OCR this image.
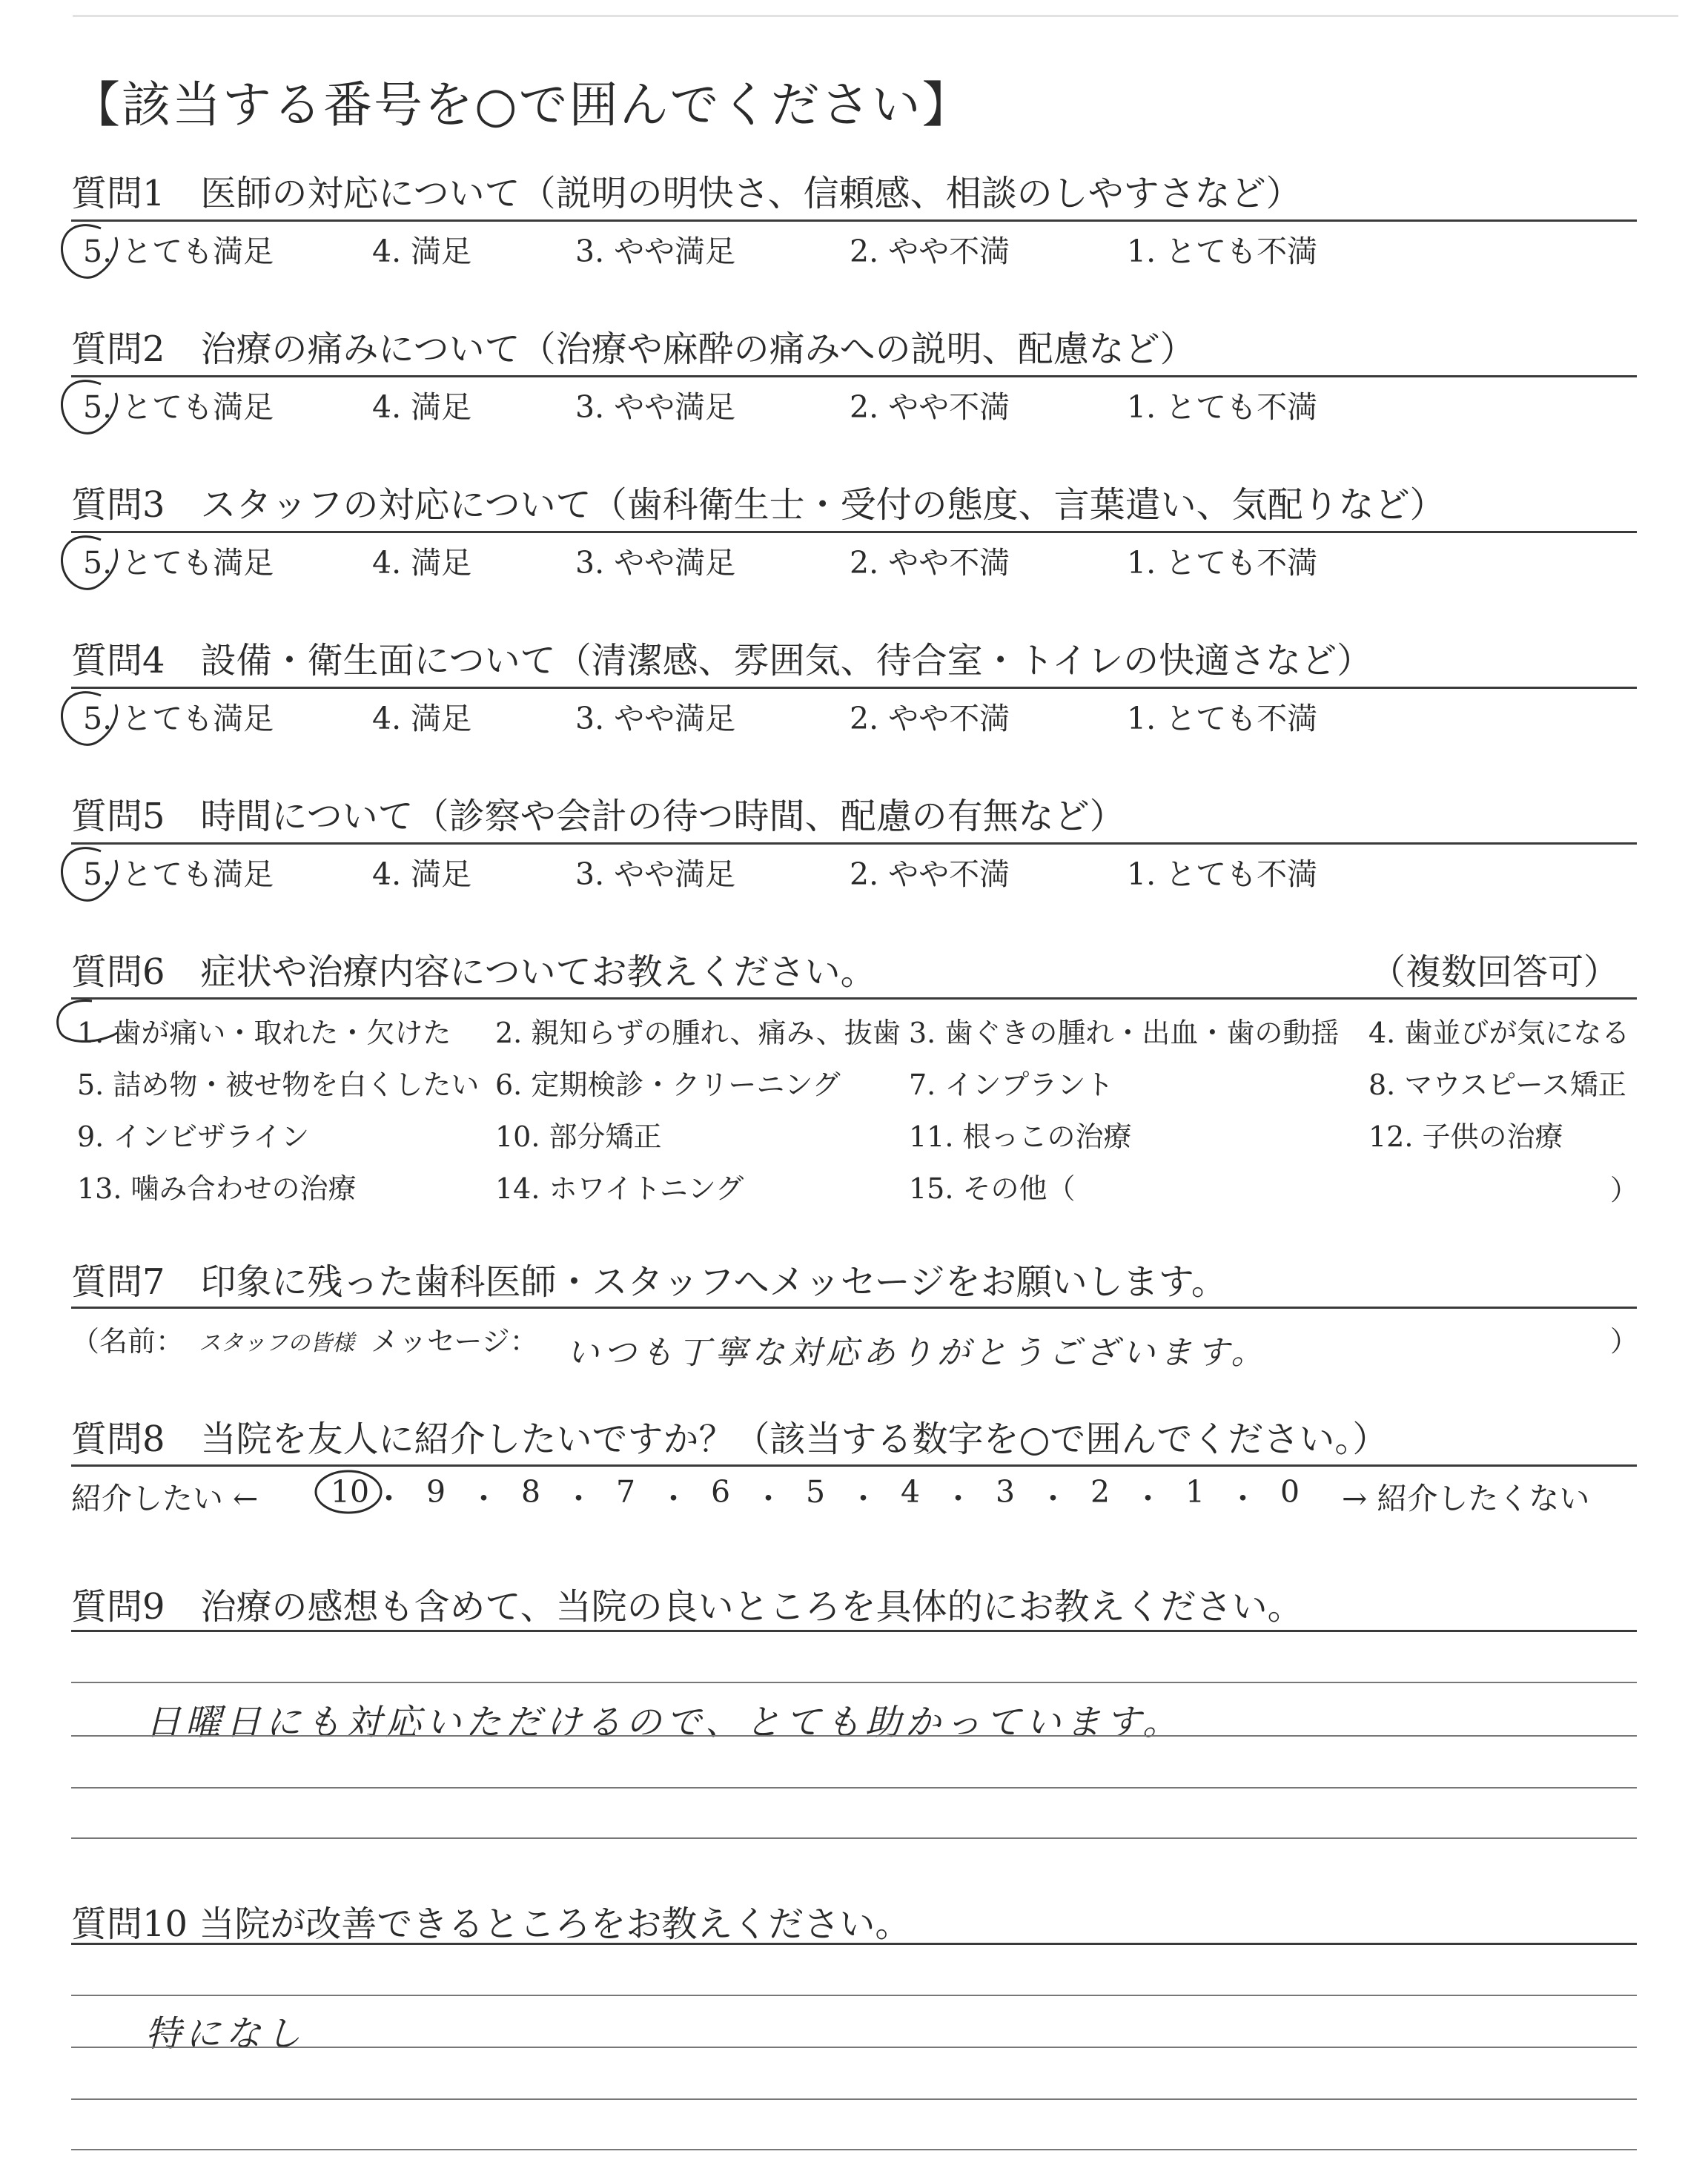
【該当する番号を○で囲んでください】
質問1　医師の対応について（説明の明快さ、信頼感、相談のしやすさなど）
5. とても満足	4. 満足	3. やや満足	2. やや不満	1. とても不満
質問2　治療の痛みについて（治療や麻酔の痛みへの説明、配慮など）
5. とても満足	4. 満足	3. やや満足	2. やや不満	1. とても不満
質問3　スタッフの対応について（歯科衛生士・受付の態度、言葉遣い、気配りなど）
5. とても満足	4. 満足	3. やや満足	2. やや不満	1. とても不満
質問4　設備・衛生面について（清潔感、雰囲気、待合室・トイレの快適さなど）
5. とても満足	4. 満足	3. やや満足	2. やや不満	1. とても不満
質問5　時間について（診察や会計の待つ時間、配慮の有無など）
5. とても満足	4. 満足	3. やや満足	2. やや不満	1. とても不満
質問6　症状や治療内容についてお教えください。	（複数回答可）
1. 歯が痛い・取れた・欠けた 2. 親知らずの腫れ、痛み、抜歯 3. 歯ぐきの腫れ・出血・歯の動揺 4. 歯並びが気になる
5. 詰め物・被せ物を白くしたい 6. 定期検診・クリーニング 7. インプラント	8. マウスピース矯正
9. インビザライン	10. 部分矯正	11. 根っこの治療	12. 子供の治療
13. 噛み合わせの治療	14. ホワイトニング	15. その他（	）
質問7　印象に残った歯科医師・スタッフへメッセージをお願いします。
（名前： スタッフの皆様 メッセージ： いつも丁寧な対応ありがとうございます。	）
質問8　当院を友人に紹介したいですか？（該当する数字を○で囲んでください。）
紹介したい ← 10 ・ 9 ・ 8 ・ 7 ・ 6 ・ 5 ・ 4 ・ 3 ・ 2 ・ 1 ・ 0 → 紹介したくない
質問9　治療の感想も含めて、当院の良いところを具体的にお教えください。
日曜日にも対応いただけるので、とても助かっています。
質問10 当院が改善できるところをお教えください。
特になし
